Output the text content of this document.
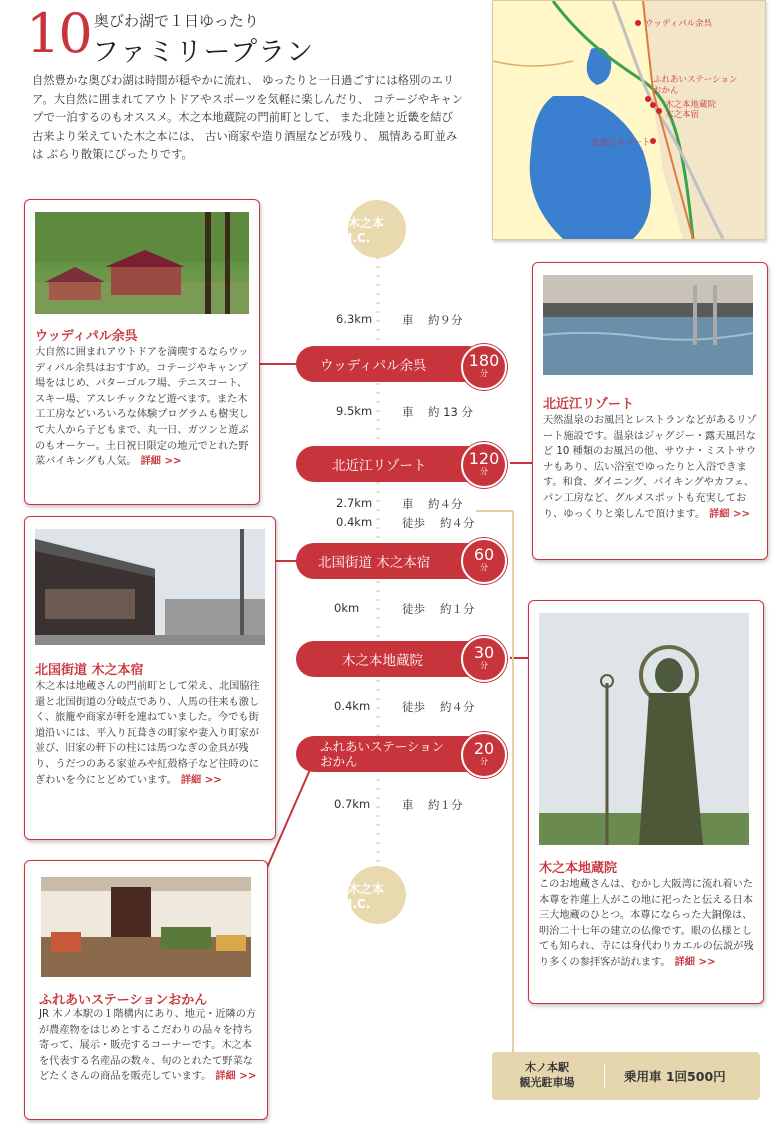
10 奥びわ湖で１日ゆったり
ファミリープラン
自然豊かな奥びわ湖は時間が穏やかに流れ、 ゆったりと一日過ごすには格別のエリア。大自然に囲まれてアウトドアやスポーツを気軽に楽しんだり、 コテージやキャンプで一泊するのもオススメ。木之本地蔵院の門前町として、 また北陸と近畿を結び古来より栄えていた木之本には、 古い商家や造り酒屋などが残り、 風情ある町並みは ぶらり散策にぴったりです。
ウッディパル余呉
ふれあいステーション
おかん
木之本地蔵院
木之本宿
北近江リゾート
木之本 I.C.
6.3km	車 約９分
9.5km	車 約 13 分
2.7km	車 約４分
0.4km	徒歩 約４分
0km	徒歩 約１分
0.4km	徒歩 約４分
0.7km	車 約１分
ウッディパル余呉	180
分
北近江リゾート	120
分
北国街道 木之本宿	60
分
木之本地蔵院	30
分
ふれあいステーション
おかん
20
分
木之本 I.C.
ウッディパル余呉
大自然に囲まれアウトドアを満喫するならウッディパル余呉はおすすめ。コテージやキャンプ場をはじめ、パターゴルフ場、テニスコート、スキー場、アスレチックなど遊べます。また木工工房などいろいろな体験プログラムも樹実して大人から子どもまで、丸一日、ガツンと遊ぶのもオーケー。土日祝日限定の地元でとれた野菜バイキングも人気。 詳細 >>
北近江リゾート
天然温泉のお風呂とレストランなどがあるリゾート施設です。温泉はジャグジー・露天風呂など 10 種類のお風呂の他、サウナ・ミストサウナもあり、広い浴室でゆったりと入浴できます。和食、ダイニング、バイキングやカフェ、パン工房など、グルメスポットも充実しており、ゆっくりと楽しんで頂けます。 詳細 >>
北国街道 木之本宿
木之本は地蔵さんの門前町として栄え、北国脇往還と北国街道の分岐点であり、人馬の往来も激しく、旅籠や商家が軒を連ねていました。今でも街道沿いには、平入り瓦葺きの町家や妻入り町家が並び、旧家の軒下の柱には馬つなぎの金具が残り、うだつのある家並みや紅殻格子など往時のにぎわいを今にとどめています。 詳細 >>
木之本地蔵院
このお地蔵さんは、むかし大阪湾に流れ着いた本尊を祚蓮上人がこの地に祀ったと伝える日本三大地蔵のひとつ。本尊にならった大銅像は、明治二十七年の建立の仏像です。眼の仏様としても知られ、寺には身代わりカエルの伝説が残り多くの参拝客が訪れます。 詳細 >>
ふれあいステーションおかん
JR 木ノ本駅の１階構内にあり、地元・近隣の方が農産物をはじめとするこだわりの品々を持ち寄って、展示・販売するコーナーです。木之本を代表する名産品の数々、旬のとれたて野菜などたくさんの商品を販売しています。 詳細 >>
木ノ本駅
観光駐車場	乗用車 1回500円
